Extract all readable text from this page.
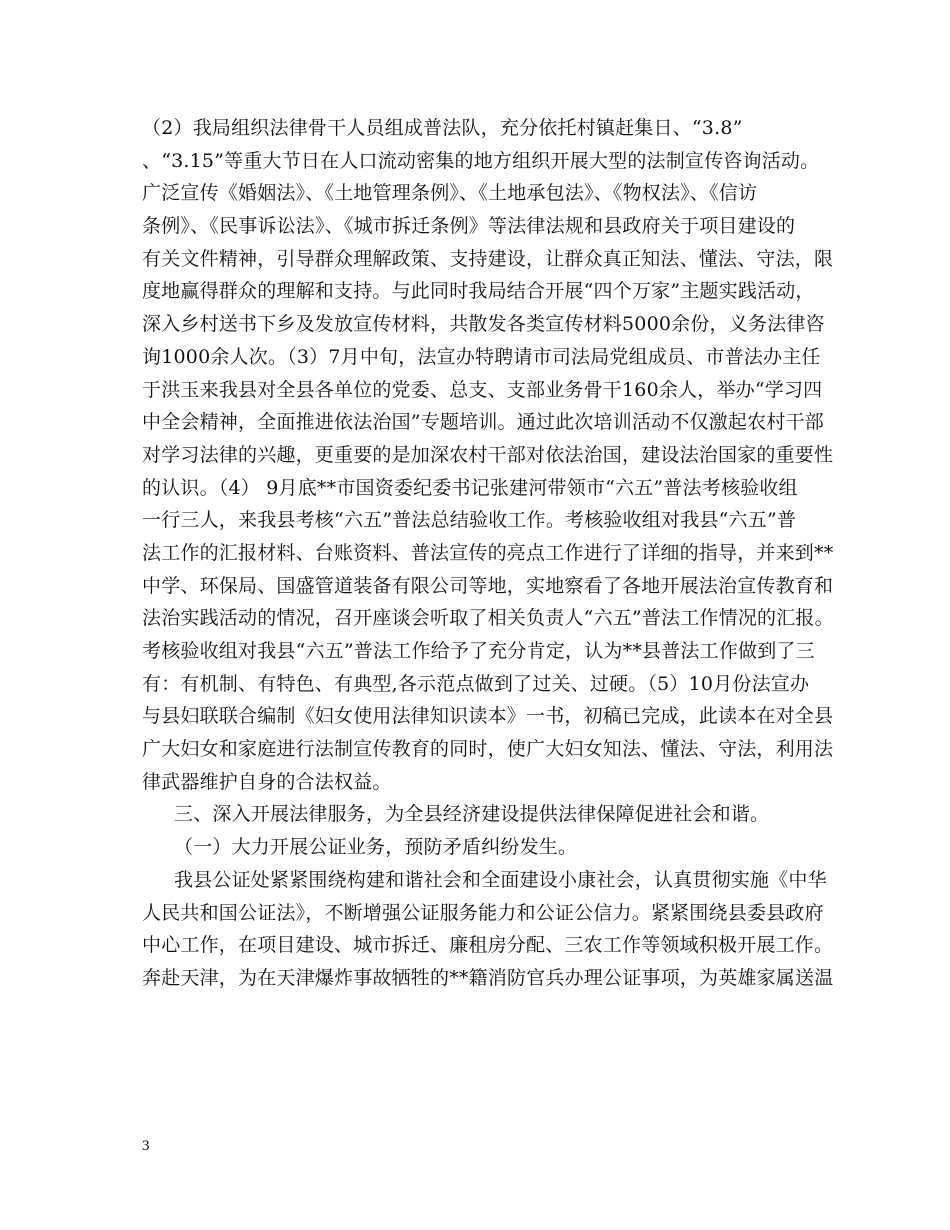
（2）我局组织法律骨干人员组成普法队，充分依托村镇赶集日、“3.8”
、“3.15”等重大节日在人口流动密集的地方组织开展大型的法制宣传咨询活动。
广泛宣传《婚姻法》、《土地管理条例》、《土地承包法》、《物权法》、《信访
条例》、《民事诉讼法》、《城市拆迁条例》等法律法规和县政府关于项目建设的
有关文件精神，引导群众理解政策、支持建设，让群众真正知法、懂法、守法，限
度地赢得群众的理解和支持。与此同时我局结合开展“四个万家”主题实践活动，
深入乡村送书下乡及发放宣传材料，共散发各类宣传材料5000余份，义务法律咨
询1000余人次。（3）7月中旬，法宣办特聘请市司法局党组成员、市普法办主任
于洪玉来我县对全县各单位的党委、总支、支部业务骨干160余人，举办“学习四
中全会精神，全面推进依法治国”专题培训。通过此次培训活动不仅激起农村干部
对学习法律的兴趣，更重要的是加深农村干部对依法治国，建设法治国家的重要性
的认识。（4） 9月底**市国资委纪委书记张建河带领市“六五”普法考核验收组
一行三人，来我县考核“六五”普法总结验收工作。考核验收组对我县“六五”普
法工作的汇报材料、台账资料、普法宣传的亮点工作进行了详细的指导，并来到**
中学、环保局、国盛管道装备有限公司等地，实地察看了各地开展法治宣传教育和
法治实践活动的情况，召开座谈会听取了相关负责人“六五”普法工作情况的汇报。
考核验收组对我县“六五”普法工作给予了充分肯定，认为**县普法工作做到了三
有：有机制、有特色、有典型,各示范点做到了过关、过硬。（5）10月份法宣办
与县妇联联合编制《妇女使用法律知识读本》一书，初稿已完成，此读本在对全县
广大妇女和家庭进行法制宣传教育的同时，使广大妇女知法、懂法、守法，利用法
律武器维护自身的合法权益。
三、深入开展法律服务，为全县经济建设提供法律保障促进社会和谐。
（一）大力开展公证业务，预防矛盾纠纷发生。
我县公证处紧紧围绕构建和谐社会和全面建设小康社会，认真贯彻实施《中华
人民共和国公证法》，不断增强公证服务能力和公证公信力。紧紧围绕县委县政府
中心工作，在项目建设、城市拆迁、廉租房分配、三农工作等领域积极开展工作。
奔赴天津，为在天津爆炸事故牺牲的**籍消防官兵办理公证事项，为英雄家属送温
3
